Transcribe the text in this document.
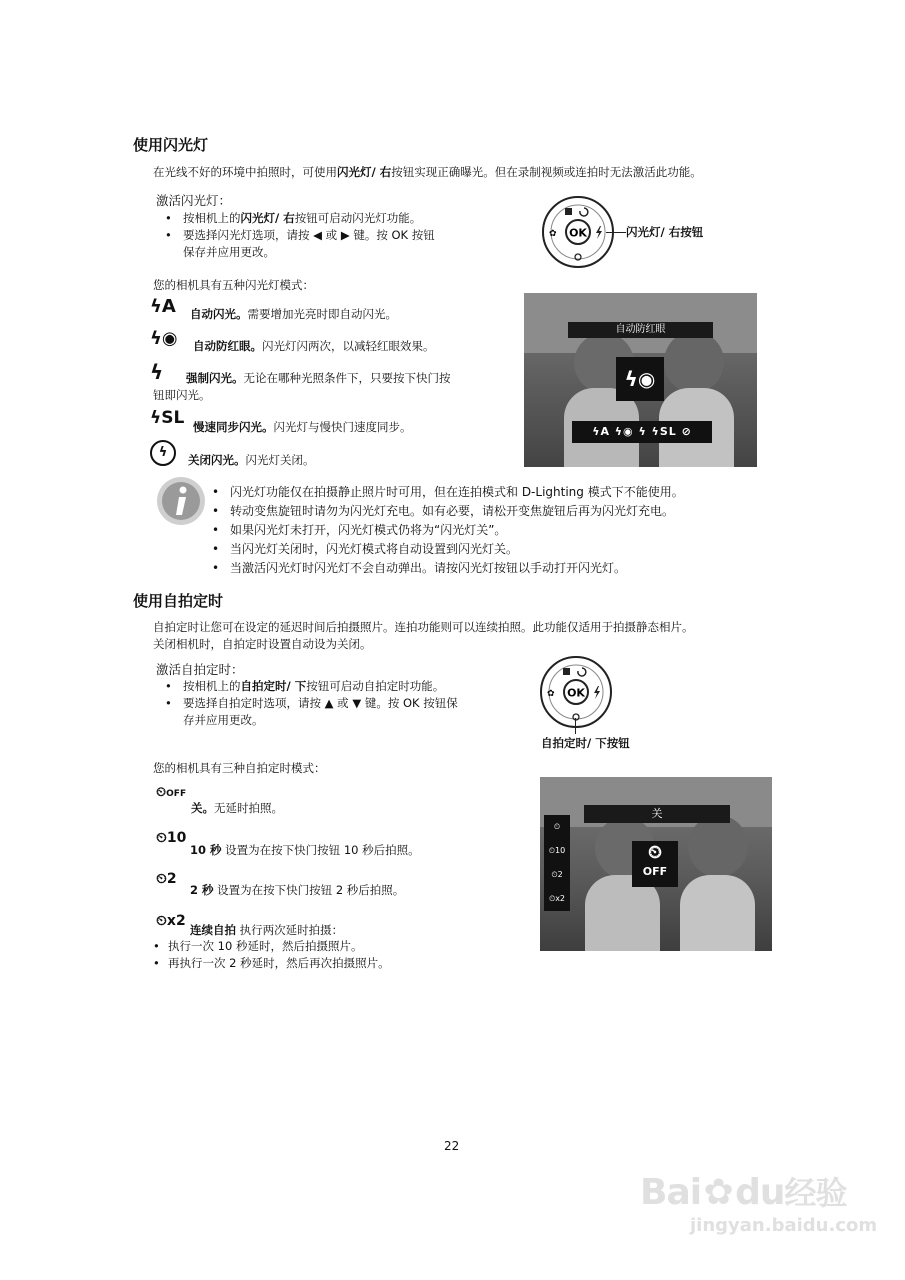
使用闪光灯
在光线不好的环境中拍照时，可使用闪光灯/ 右按钮实现正确曝光。但在录制视频或连拍时无法激活此功能。
激活闪光灯：
• 按相机上的闪光灯/ 右按钮可启动闪光灯功能。
• 要选择闪光灯选项，请按 ◀ 或 ▶ 键。按 OK 按钮
保存并应用更改。
OK
✿	闪光灯/ 右按钮
您的相机具有五种闪光灯模式：
ϟA
ϟ◉
ϟ
ϟSL
ϟ
自动闪光。需要增加光亮时即自动闪光。
自动防红眼。闪光灯闪两次，以减轻红眼效果。
强制闪光。无论在哪种光照条件下，只要按下快门按
钮即闪光。
慢速同步闪光。闪光灯与慢快门速度同步。
关闭闪光。闪光灯关闭。
自动防红眼
ϟ◉
ϟA ϟ◉ ϟ ϟSL ⊘
• 闪光灯功能仅在拍摄静止照片时可用，但在连拍模式和 D-Lighting 模式下不能使用。
• 转动变焦旋钮时请勿为闪光灯充电。如有必要，请松开变焦旋钮后再为闪光灯充电。
• 如果闪光灯未打开，闪光灯模式仍将为“闪光灯关”。
• 当闪光灯关闭时，闪光灯模式将自动设置到闪光灯关。
• 当激活闪光灯时闪光灯不会自动弹出。请按闪光灯按钮以手动打开闪光灯。
使用自拍定时
自拍定时让您可在设定的延迟时间后拍摄照片。连拍功能则可以连续拍照。此功能仅适用于拍摄静态相片。
关闭相机时，自拍定时设置自动设为关闭。
激活自拍定时：
• 按相机上的自拍定时/ 下按钮可启动自拍定时功能。
• 要选择自拍定时选项，请按 ▲ 或 ▼ 键。按 OK 按钮保
存并应用更改。
OK
✿
自拍定时/ 下按钮
您的相机具有三种自拍定时模式：
⏲OFF
⏲10
⏲2
⏲x2
关。无延时拍照。
10 秒 设置为在按下快门按钮 10 秒后拍照。
2 秒 设置为在按下快门按钮 2 秒后拍照。
连续自拍 执行两次延时拍摄：
• 执行一次 10 秒延时，然后拍摄照片。
• 再执行一次 2 秒延时，然后再次拍摄照片。
关
⏲
⏲10
⏲2
⏲x2
⏲
OFF
22
Bai✿du经验
jingyan.baidu.com
